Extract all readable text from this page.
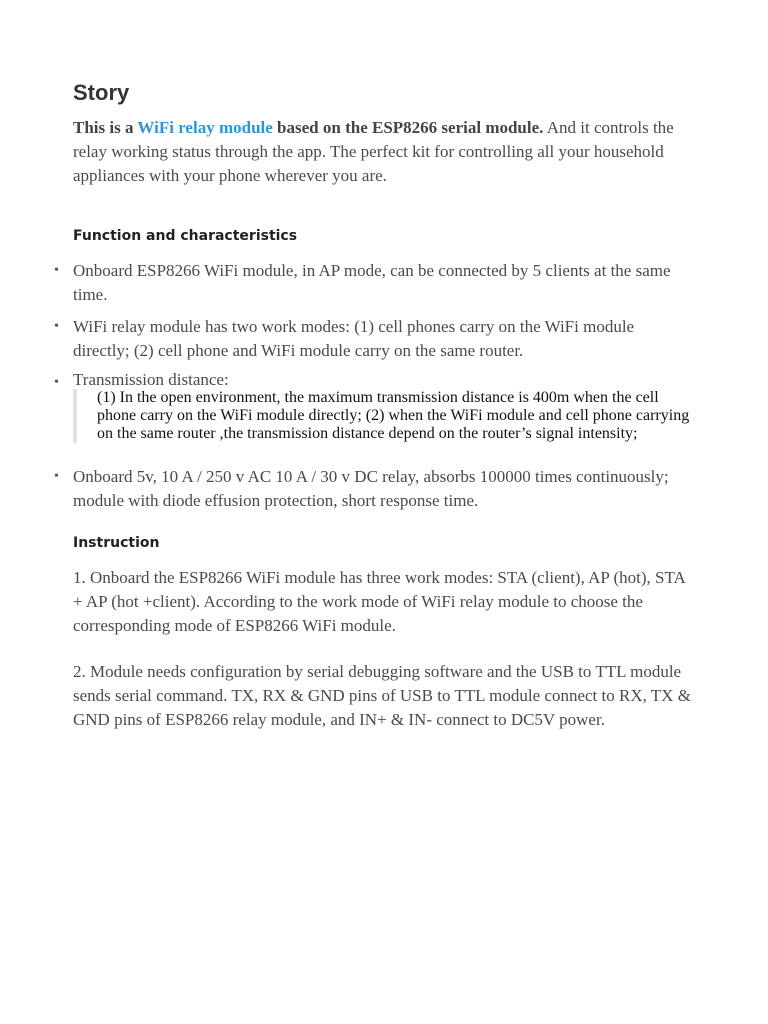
Story

This is a WiFi relay module based on the ESP8266 serial module. And it controls the relay working status through the app. The perfect kit for controlling all your household appliances with your phone wherever you are.

Function and characteristics
• Onboard ESP8266 WiFi module, in AP mode, can be connected by 5 clients at the same time.
• WiFi relay module has two work modes: (1) cell phones carry on the WiFi module directly; (2) cell phone and WiFi module carry on the same router.
• Transmission distance:
(1) In the open environment, the maximum transmission distance is 400m when the cell phone carry on the WiFi module directly; (2) when the WiFi module and cell phone carrying on the same router ,the transmission distance depend on the router’s signal intensity;
• Onboard 5v, 10 A / 250 v AC 10 A / 30 v DC relay, absorbs 100000 times continuously; module with diode effusion protection, short response time.
Instruction

1. Onboard the ESP8266 WiFi module has three work modes: STA (client), AP (hot), STA + AP (hot +client). According to the work mode of WiFi relay module to choose the corresponding mode of ESP8266 WiFi module.

2. Module needs configuration by serial debugging software and the USB to TTL module sends serial command. TX, RX & GND pins of USB to TTL module connect to RX, TX & GND pins of ESP8266 relay module, and IN+ & IN- connect to DC5V power.
